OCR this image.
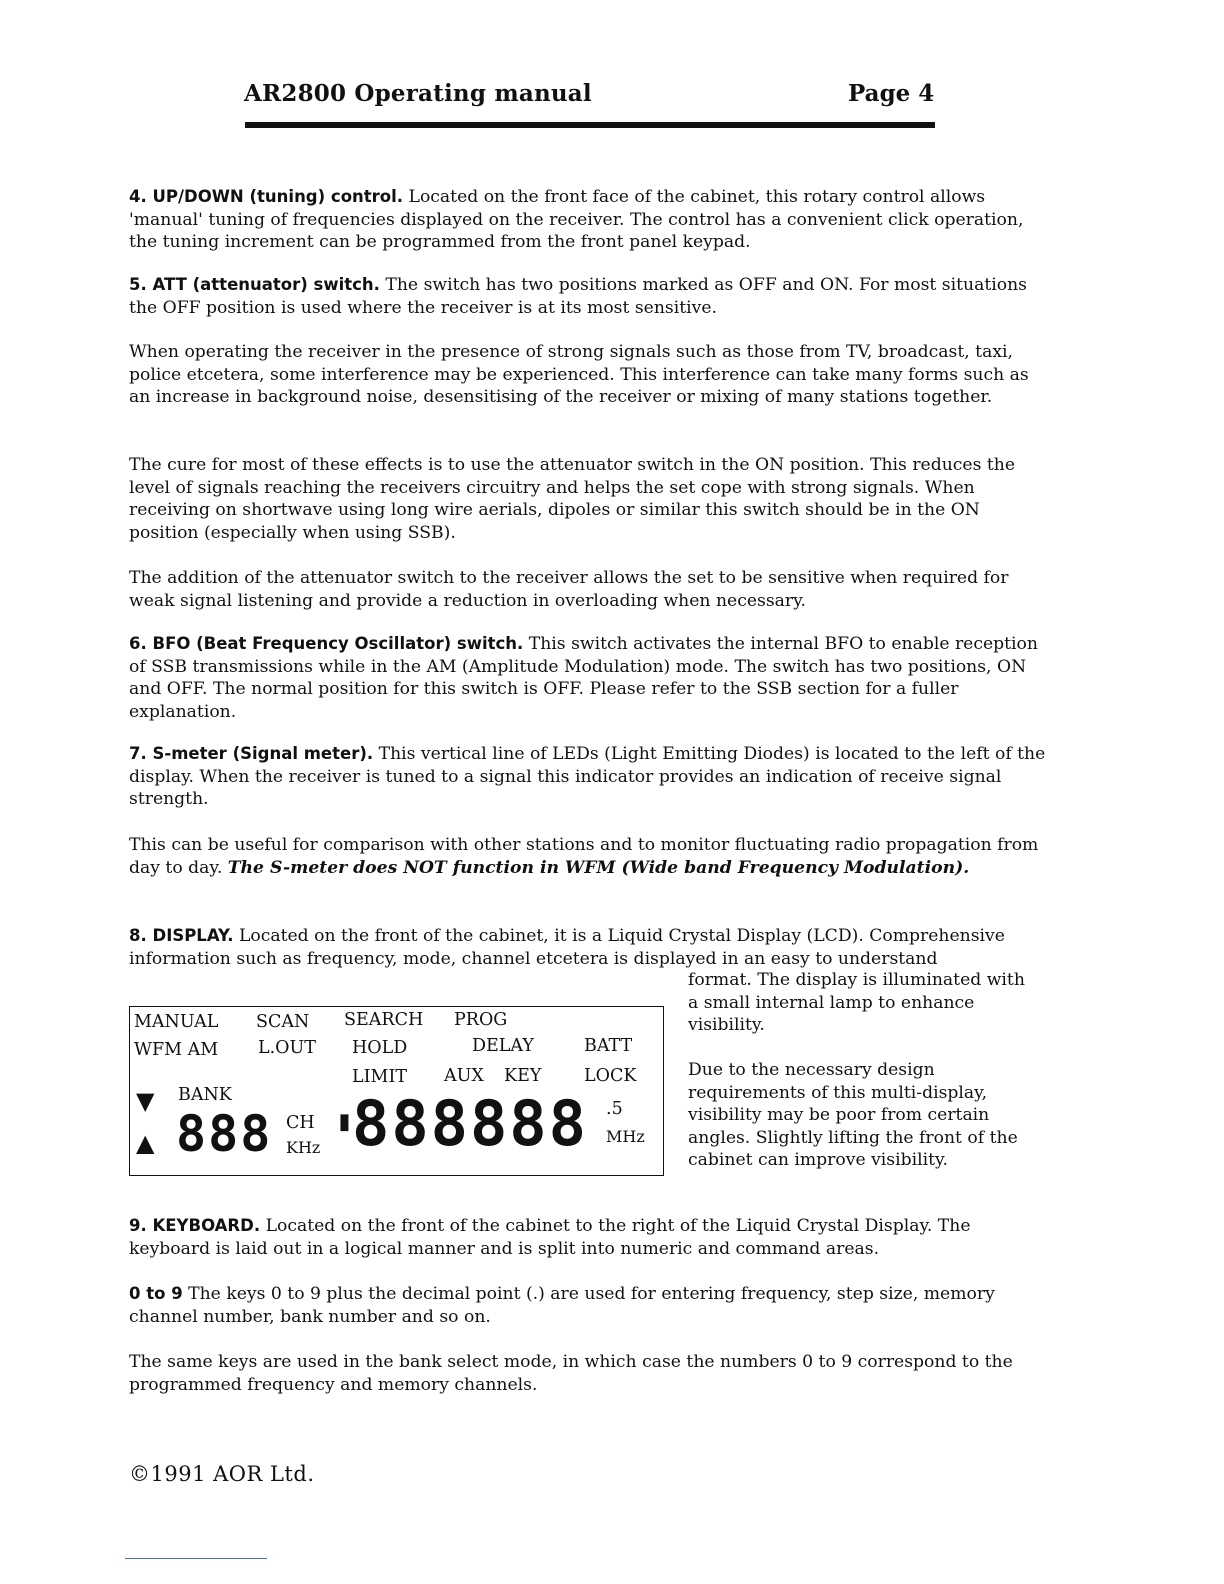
AR2800 Operating manual	Page 4

4. UP/DOWN (tuning) control. Located on the front face of the cabinet, this rotary control allows 'manual' tuning of frequencies displayed on the receiver. The control has a convenient click operation, the tuning increment can be programmed from the front panel keypad.

5. ATT (attenuator) switch. The switch has two positions marked as OFF and ON. For most situations the OFF position is used where the receiver is at its most sensitive.

When operating the receiver in the presence of strong signals such as those from TV, broadcast, taxi, police etcetera, some interference may be experienced. This interference can take many forms such as an increase in background noise, desensitising of the receiver or mixing of many stations together.

The cure for most of these effects is to use the attenuator switch in the ON position. This reduces the level of signals reaching the receivers circuitry and helps the set cope with strong signals. When receiving on shortwave using long wire aerials, dipoles or similar this switch should be in the ON position (especially when using SSB).

The addition of the attenuator switch to the receiver allows the set to be sensitive when required for weak signal listening and provide a reduction in overloading when necessary.

6. BFO (Beat Frequency Oscillator) switch. This switch activates the internal BFO to enable reception of SSB transmissions while in the AM (Amplitude Modulation) mode. The switch has two positions, ON and OFF. The normal position for this switch is OFF. Please refer to the SSB section for a fuller explanation.

7. S-meter (Signal meter). This vertical line of LEDs (Light Emitting Diodes) is located to the left of the display. When the receiver is tuned to a signal this indicator provides an indication of receive signal strength.

This can be useful for comparison with other stations and to monitor fluctuating radio propagation from day to day. The S-meter does NOT function in WFM (Wide band Frequency Modulation).

8. DISPLAY. Located on the front of the cabinet, it is a Liquid Crystal Display (LCD). Comprehensive information such as frequency, mode, channel etcetera is displayed in an easy to understand

format. The display is illuminated with a small internal lamp to enhance visibility.

Due to the necessary design requirements of this multi-display, visibility may be poor from certain angles. Slightly lifting the front of the cabinet can improve visibility.

MANUAL SCAN SEARCH PROG
WFM AM L.OUT HOLD	DELAY	BATT
LIMIT AUX KEY LOCK
▼ BANK
▲ 888 CH
KHz
▮
888888 .5
MHz

9. KEYBOARD. Located on the front of the cabinet to the right of the Liquid Crystal Display. The keyboard is laid out in a logical manner and is split into numeric and command areas.

0 to 9 The keys 0 to 9 plus the decimal point (.) are used for entering frequency, step size, memory channel number, bank number and so on.

The same keys are used in the bank select mode, in which case the numbers 0 to 9 correspond to the programmed frequency and memory channels.

©1991 AOR Ltd.
